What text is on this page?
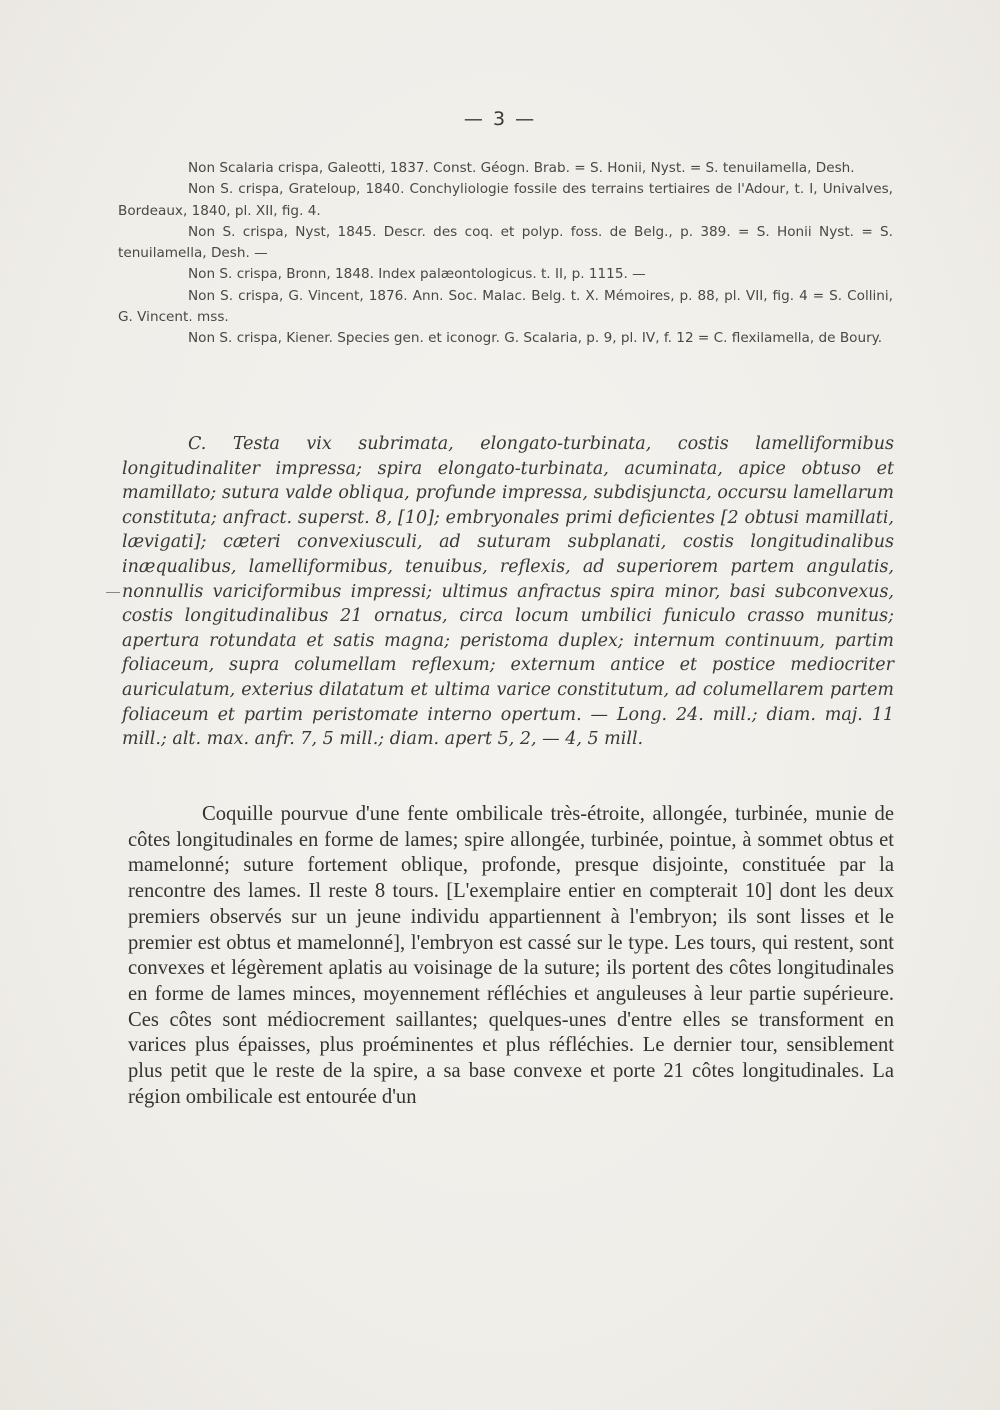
— 3 —

Non Scalaria crispa, Galeotti, 1837. Const. Géogn. Brab. = S. Honii, Nyst. = S. tenuilamella, Desh.

Non S. crispa, Grateloup, 1840. Conchyliologie fossile des terrains tertiaires de l'Adour, t. I, Univalves, Bordeaux, 1840, pl. XII, fig. 4.

Non S. crispa, Nyst, 1845. Descr. des coq. et polyp. foss. de Belg., p. 389. = S. Honii Nyst. = S. tenuilamella, Desh. —

Non S. crispa, Bronn, 1848. Index palæontologicus. t. II, p. 1115. —

Non S. crispa, G. Vincent, 1876. Ann. Soc. Malac. Belg. t. X. Mémoires, p. 88, pl. VII, fig. 4 = S. Collini, G. Vincent. mss.

Non S. crispa, Kiener. Species gen. et iconogr. G. Scalaria, p. 9, pl. IV, f. 12 = C. flexilamella, de Boury.

C. Testa vix subrimata, elongato-turbinata, costis lamelliformibus longitudinaliter impressa; spira elongato-turbinata, acuminata, apice obtuso et mamillato; sutura valde obliqua, profunde impressa, subdisjuncta, occursu lamellarum constituta; anfract. superst. 8, [10]; embryonales primi deficientes [2 obtusi mamillati, lævigati]; cæteri convexiusculi, ad suturam subplanati, costis longitudinalibus inæqualibus, lamelliformibus, tenuibus, reflexis, ad superiorem partem angulatis, nonnullis variciformibus impressi; ultimus anfractus spira minor, basi subconvexus, costis longitudinalibus 21 ornatus, circa locum umbilici funiculo crasso munitus; apertura rotundata et satis magna; peristoma duplex; internum continuum, partim foliaceum, supra columellam reflexum; externum antice et postice mediocriter auriculatum, exterius dilatatum et ultima varice constitutum, ad columellarem partem foliaceum et partim peristomate interno opertum. — Long. 24. mill.; diam. maj. 11 mill.; alt. max. anfr. 7, 5 mill.; diam. apert 5, 2, — 4, 5 mill.

Coquille pourvue d'une fente ombilicale très-étroite, allongée, turbinée, munie de côtes longitudinales en forme de lames; spire allongée, turbinée, pointue, à sommet obtus et mamelonné; suture fortement oblique, profonde, presque disjointe, constituée par la rencontre des lames. Il reste 8 tours. [L'exemplaire entier en compterait 10] dont les deux premiers observés sur un jeune individu appartiennent à l'embryon; ils sont lisses et le premier est obtus et mamelonné], l'embryon est cassé sur le type. Les tours, qui restent, sont convexes et légèrement aplatis au voisinage de la suture; ils portent des côtes longitudinales en forme de lames minces, moyennement réfléchies et anguleuses à leur partie supérieure. Ces côtes sont médiocrement saillantes; quelques-unes d'entre elles se transforment en varices plus épaisses, plus proéminentes et plus réfléchies. Le dernier tour, sensiblement plus petit que le reste de la spire, a sa base convexe et porte 21 côtes longitudinales. La région ombilicale est entourée d'un
